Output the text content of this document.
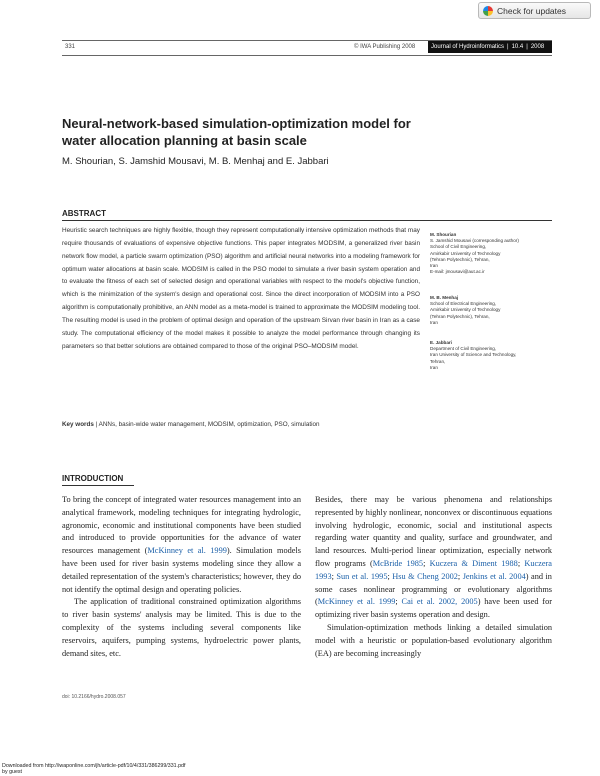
Check for updates
331	© IWA Publishing 2008	Journal of Hydroinformatics | 10.4 | 2008
Neural-network-based simulation-optimization model for water allocation planning at basin scale
M. Shourian, S. Jamshid Mousavi, M. B. Menhaj and E. Jabbari
ABSTRACT
Heuristic search techniques are highly flexible, though they represent computationally intensive optimization methods that may require thousands of evaluations of expensive objective functions. This paper integrates MODSIM, a generalized river basin network flow model, a particle swarm optimization (PSO) algorithm and artificial neural networks into a modeling framework for optimum water allocations at basin scale. MODSIM is called in the PSO model to simulate a river basin system operation and to evaluate the fitness of each set of selected design and operational variables with respect to the model's objective function, which is the minimization of the system's design and operational cost. Since the direct incorporation of MODSIM into a PSO algorithm is computationally prohibitive, an ANN model as a meta-model is trained to approximate the MODSIM modeling tool. The resulting model is used in the problem of optimal design and operation of the upstream Sirvan river basin in Iran as a case study. The computational efficiency of the model makes it possible to analyze the model performance through changing its parameters so that better solutions are obtained compared to those of the original PSO–MODSIM model.
Key words | ANNs, basin-wide water management, MODSIM, optimization, PSO, simulation
M. Shourian
S. Jamshid Mousavi (corresponding author)
School of Civil Engineering,
Amirkabir University of Technology
(Tehran Polytechnic), Tehran,
Iran
E-mail: jmousavi@aut.ac.ir
M. B. Menhaj
School of Electrical Engineering,
Amirkabir University of Technology
(Tehran Polytechnic), Tehran,
Iran
E. Jabbari
Department of Civil Engineering,
Iran University of Science and Technology,
Tehran,
Iran
INTRODUCTION

To bring the concept of integrated water resources management into an analytical framework, modeling techniques for integrating hydrologic, agronomic, economic and institutional components have been studied and introduced to provide opportunities for the advance of water resources management (McKinney et al. 1999). Simulation models have been used for river basin systems modeling since they allow a detailed representation of the system's characteristics; however, they do not identify the optimal design and operating policies.

The application of traditional constrained optimization algorithms to river basin systems' analysis may be limited. This is due to the complexity of the systems including several components like reservoirs, aquifers, pumping systems, hydroelectric power plants, demand sites, etc.

Besides, there may be various phenomena and relationships represented by highly nonlinear, nonconvex or discontinuous equations involving hydrologic, economic, social and institutional aspects regarding water quantity and quality, surface and groundwater, and land resources. Multi-period linear optimization, especially network flow programs (McBride 1985; Kuczera & Diment 1988; Kuczera 1993; Sun et al. 1995; Hsu & Cheng 2002; Jenkins et al. 2004) and in some cases nonlinear programming or evolutionary algorithms (McKinney et al. 1999; Cai et al. 2002, 2005) have been used for optimizing river basin systems operation and design.

Simulation-optimization methods linking a detailed simulation model with a heuristic or population-based evolutionary algorithm (EA) are becoming increasingly

doi: 10.2166/hydro.2008.057
Downloaded from http://iwaponline.com/jh/article-pdf/10/4/331/386299/331.pdf
by guest
